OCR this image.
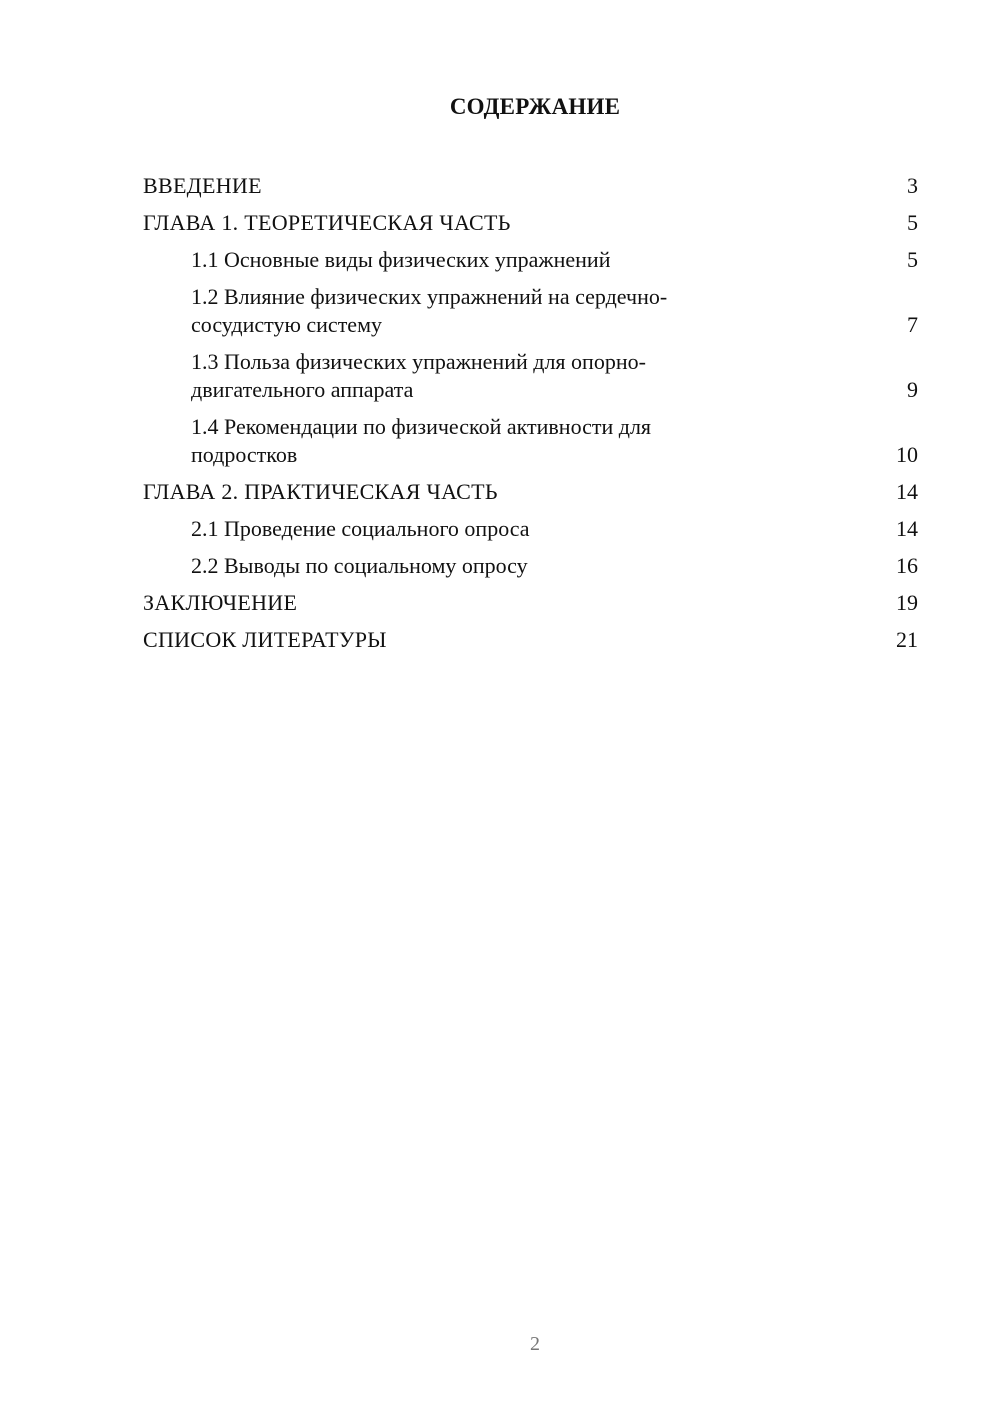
СОДЕРЖАНИЕ
ВВЕДЕНИЕ	3
ГЛАВА 1. ТЕОРЕТИЧЕСКАЯ ЧАСТЬ	5
1.1 Основные виды физических упражнений	5
1.2 Влияние физических упражнений на сердечно-сосудистую систему	7
1.3 Польза физических упражнений для опорно-двигательного аппарата	9
1.4 Рекомендации по физической активности для подростков	10
ГЛАВА 2. ПРАКТИЧЕСКАЯ ЧАСТЬ	14
2.1 Проведение социального опроса	14
2.2 Выводы по социальному опросу	16
ЗАКЛЮЧЕНИЕ	19
СПИСОК ЛИТЕРАТУРЫ	21
2
